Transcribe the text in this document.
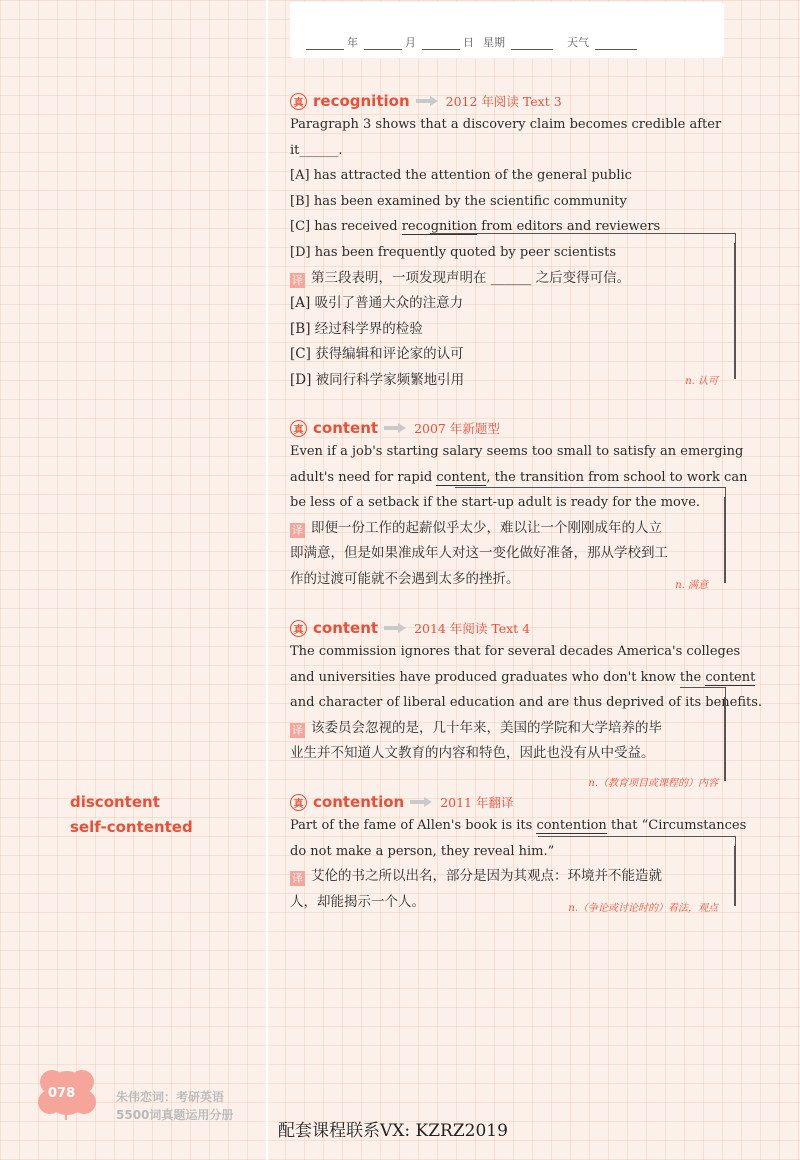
年	月	日 星期	天气
真 recognition	2012 年阅读 Text 3
Paragraph 3 shows that a discovery claim becomes credible after
it______.
[A] has attracted the attention of the general public
[B] has been examined by the scientific community
[C] has received recognition from editors and reviewers
[D] has been frequently quoted by peer scientists
译 第三段表明，一项发现声明在 ______ 之后变得可信。
[A] 吸引了普通大众的注意力
[B] 经过科学界的检验
[C] 获得编辑和评论家的认可
[D] 被同行科学家频繁地引用	n. 认可
真 content	2007 年新题型
Even if a job's starting salary seems too small to satisfy an emerging
adult's need for rapid content, the transition from school to work can
be less of a setback if the start-up adult is ready for the move.
译 即便一份工作的起薪似乎太少，难以让一个刚刚成年的人立
即满意，但是如果准成年人对这一变化做好准备，那从学校到工
作的过渡可能就不会遇到太多的挫折。	n. 满意
真 content	2014 年阅读 Text 4
The commission ignores that for several decades America's colleges
and universities have produced graduates who don't know the content
and character of liberal education and are thus deprived of its benefits.
译 该委员会忽视的是，几十年来，美国的学院和大学培养的毕
业生并不知道人文教育的内容和特色，因此也没有从中受益。
n.（教育项目或课程的）内容
真 contention	2011 年翻译
Part of the fame of Allen's book is its contention that “Circumstances
do not make a person, they reveal him.”
译 艾伦的书之所以出名，部分是因为其观点：环境并不能造就
人，却能揭示一个人。	n.（争论或讨论时的）看法，观点
discontent
self-contented
078	朱伟恋词：考研英语
5500词真题运用分册
配套课程联系VX: KZRZ2019
